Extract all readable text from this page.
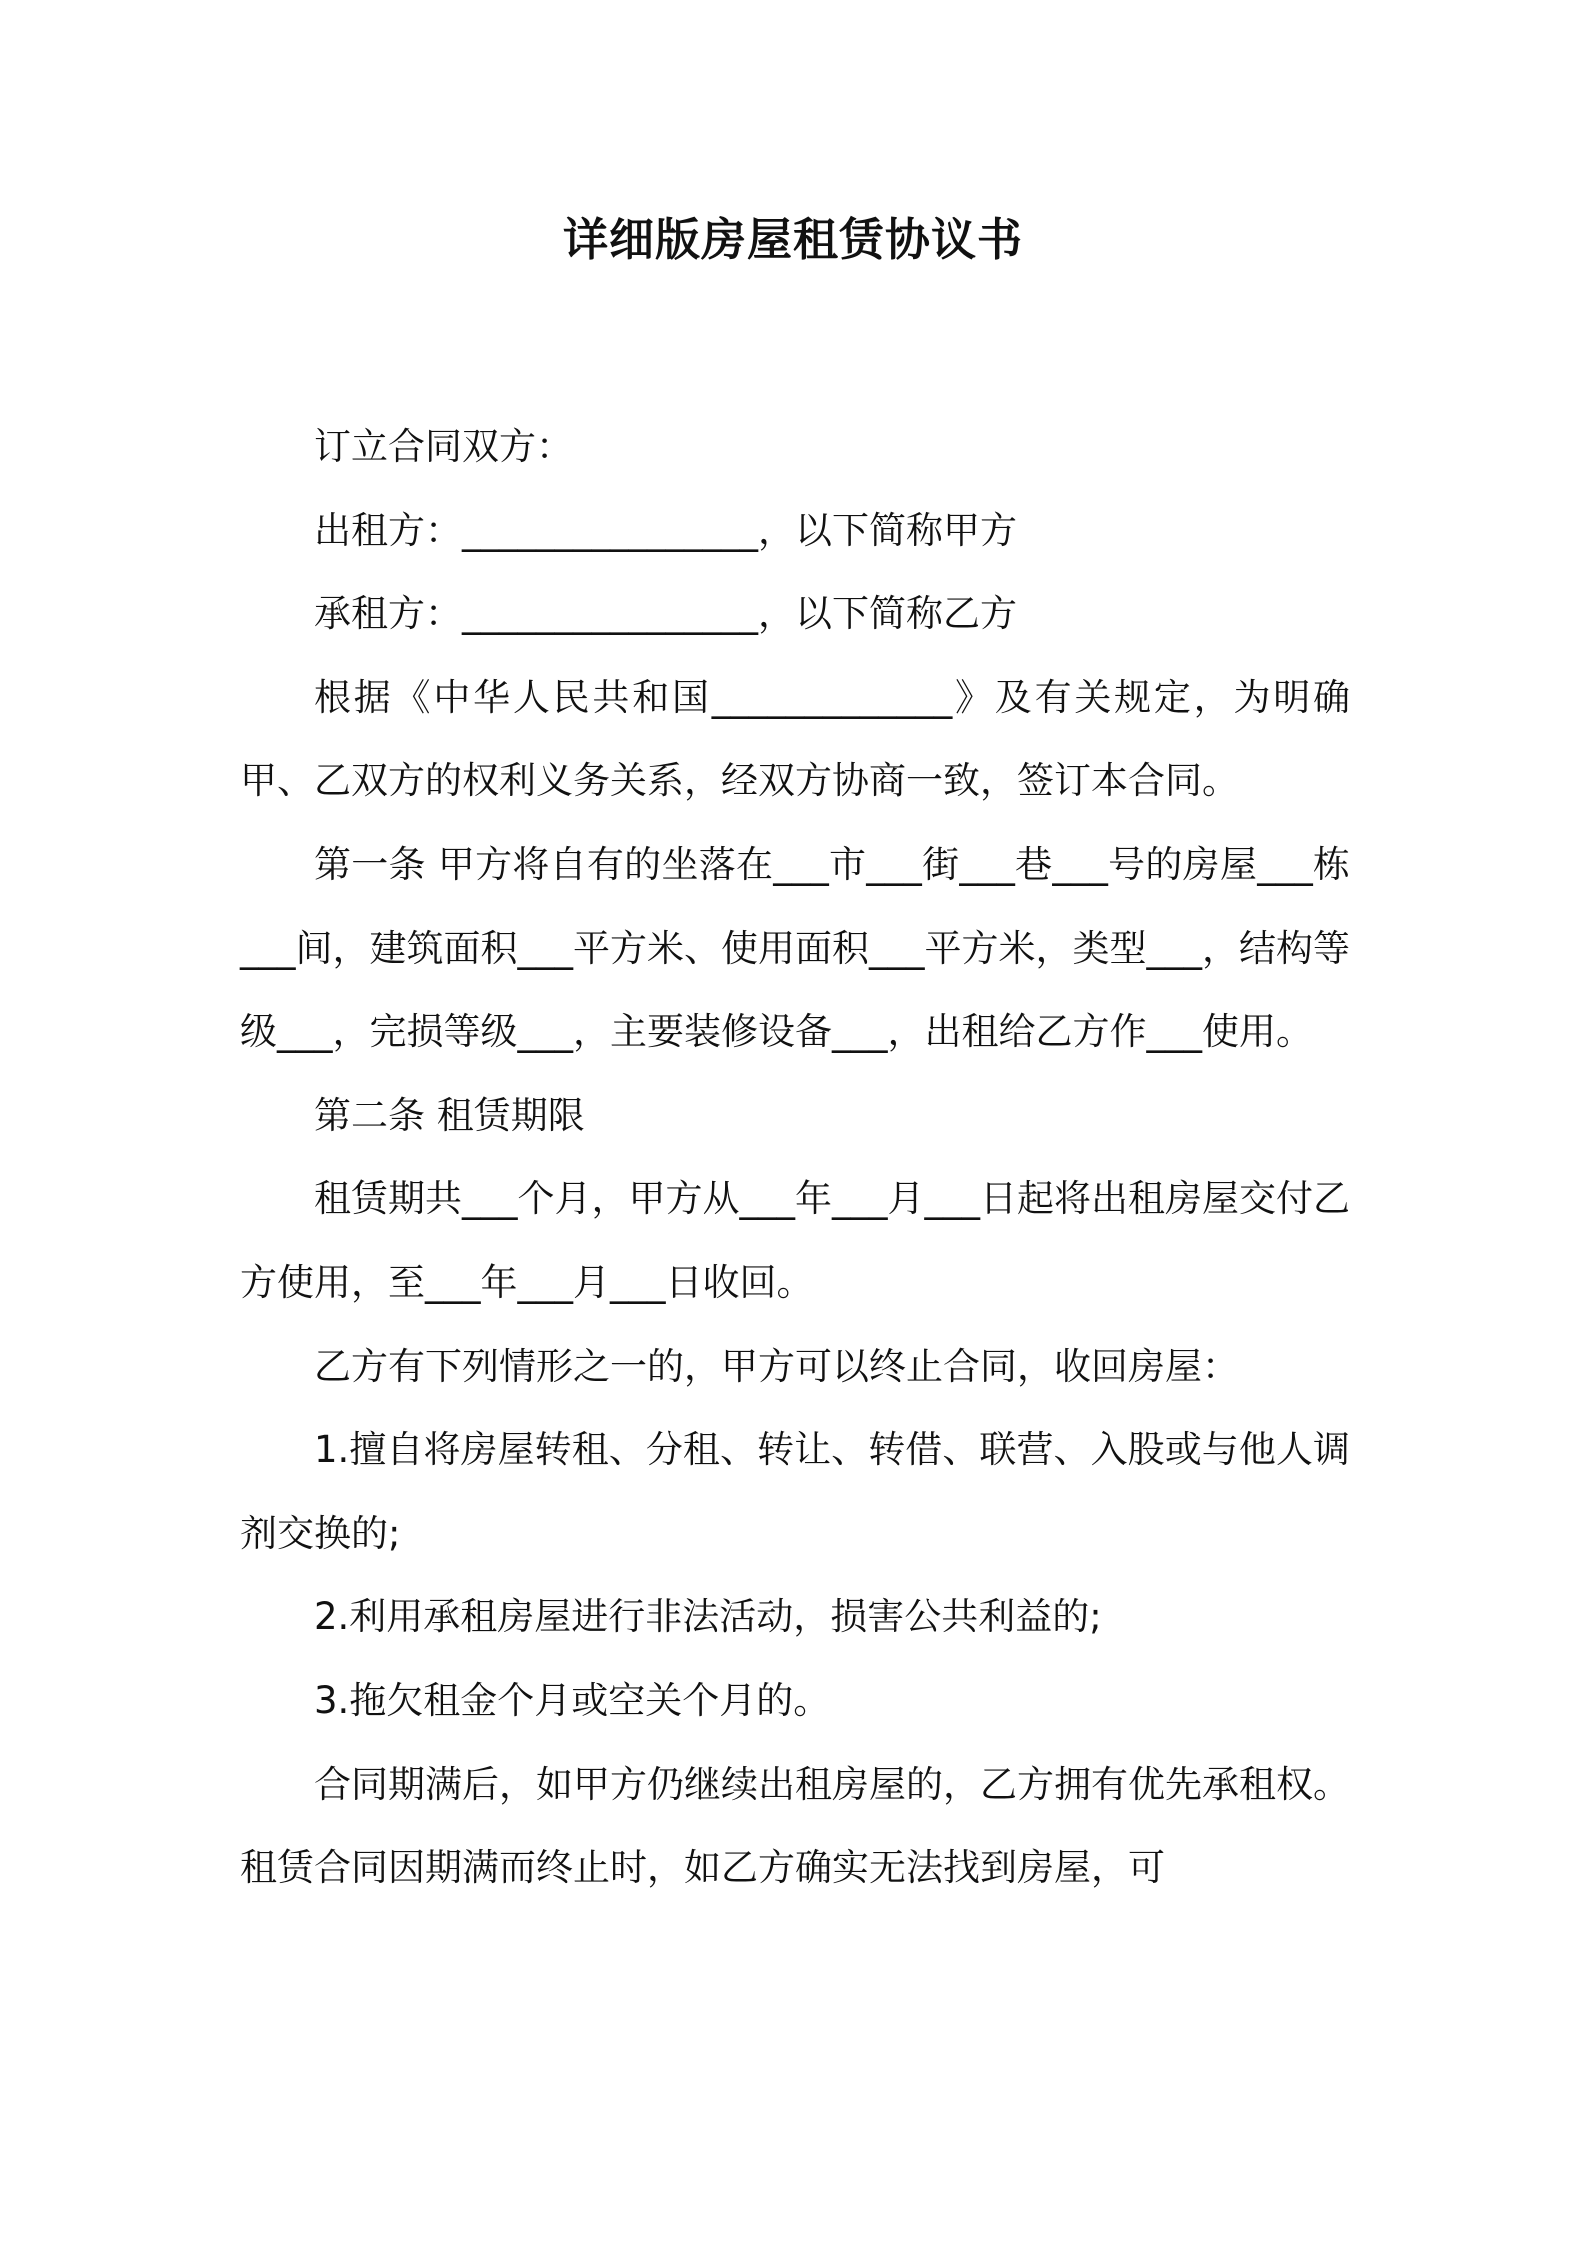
详细版房屋租赁协议书

订立合同双方：

出租方：________________，以下简称甲方

承租方：________________，以下简称乙方

根据《中华人民共和国_____________》及有关规定，为明确甲、乙双方的权利义务关系，经双方协商一致，签订本合同。

第一条 甲方将自有的坐落在___市___街___巷___号的房屋___栋___间，建筑面积___平方米、使用面积___平方米，类型___，结构等级___，完损等级___，主要装修设备___，出租给乙方作___使用。

第二条 租赁期限

租赁期共___个月，甲方从___年___月___日起将出租房屋交付乙方使用，至___年___月___日收回。

乙方有下列情形之一的，甲方可以终止合同，收回房屋：

1.擅自将房屋转租、分租、转让、转借、联营、入股或与他人调剂交换的;

2.利用承租房屋进行非法活动，损害公共利益的;

3.拖欠租金个月或空关个月的。

合同期满后，如甲方仍继续出租房屋的，乙方拥有优先承租权。 租赁合同因期满而终止时，如乙方确实无法找到房屋，可
